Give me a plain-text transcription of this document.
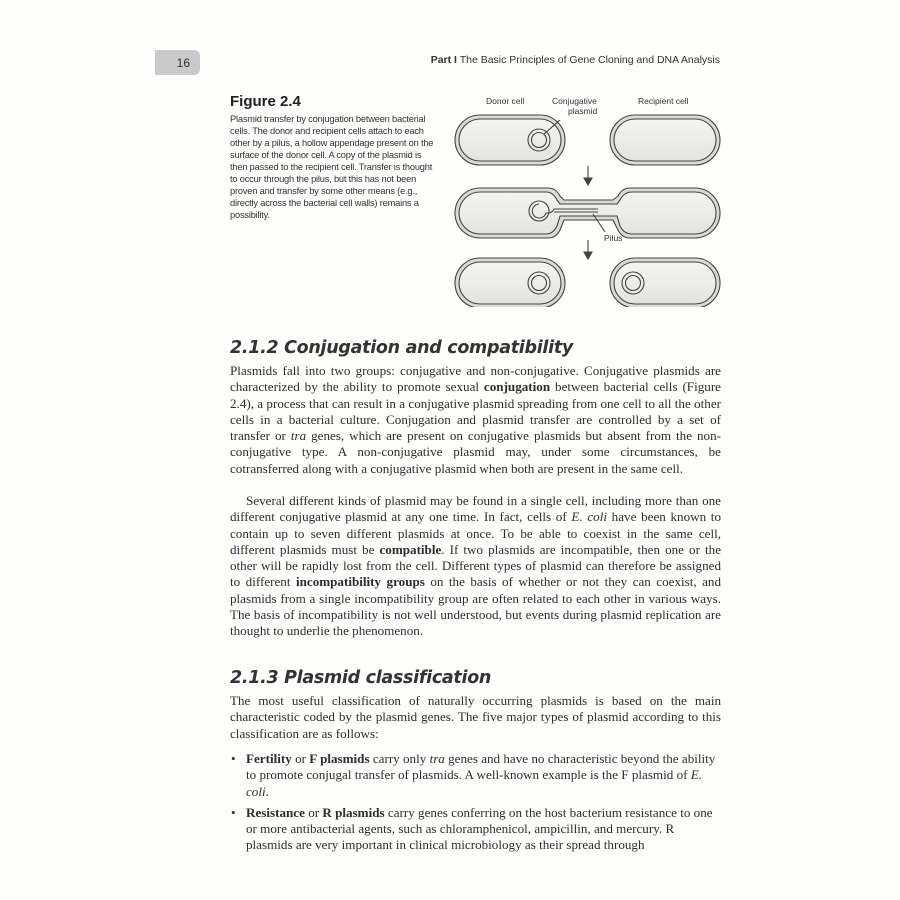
16	Part I The Basic Principles of Gene Cloning and DNA Analysis
Figure 2.4
Plasmid transfer by conjugation between bacterial cells. The donor and recipient cells attach to each other by a pilus, a hollow appendage present on the surface of the donor cell. A copy of the plasmid is then passed to the recipient cell. Transfer is thought to occur through the pilus, but this has not been proven and transfer by some other means (e.g., directly across the bacterial cell walls) remains a possibility.
Donor cell	Conjugative
plasmid
Recipient cell
Pilus
2.1.2 Conjugation and compatibility

Plasmids fall into two groups: conjugative and non-conjugative. Conjugative plasmids are characterized by the ability to promote sexual conjugation between bacterial cells (Figure 2.4), a process that can result in a conjugative plasmid spreading from one cell to all the other cells in a bacterial culture. Conjugation and plasmid transfer are controlled by a set of transfer or tra genes, which are present on conjugative plasmids but absent from the non-conjugative type. A non-conjugative plasmid may, under some circumstances, be cotransferred along with a conjugative plasmid when both are present in the same cell.

Several different kinds of plasmid may be found in a single cell, including more than one different conjugative plasmid at any one time. In fact, cells of E. coli have been known to contain up to seven different plasmids at once. To be able to coexist in the same cell, different plasmids must be compatible. If two plasmids are incompatible, then one or the other will be rapidly lost from the cell. Different types of plasmid can therefore be assigned to different incompatibility groups on the basis of whether or not they can coexist, and plasmids from a single incompatibility group are often related to each other in various ways. The basis of incompatibility is not well understood, but events during plasmid replication are thought to underlie the phenomenon.

2.1.3 Plasmid classification

The most useful classification of naturally occurring plasmids is based on the main characteristic coded by the plasmid genes. The five major types of plasmid according to this classification are as follows:

• Fertility or F plasmids carry only tra genes and have no characteristic beyond the ability to promote conjugal transfer of plasmids. A well-known example is the F plasmid of E. coli.
• Resistance or R plasmids carry genes conferring on the host bacterium resistance to one or more antibacterial agents, such as chloramphenicol, ampicillin, and mercury. R plasmids are very important in clinical microbiology as their spread through
